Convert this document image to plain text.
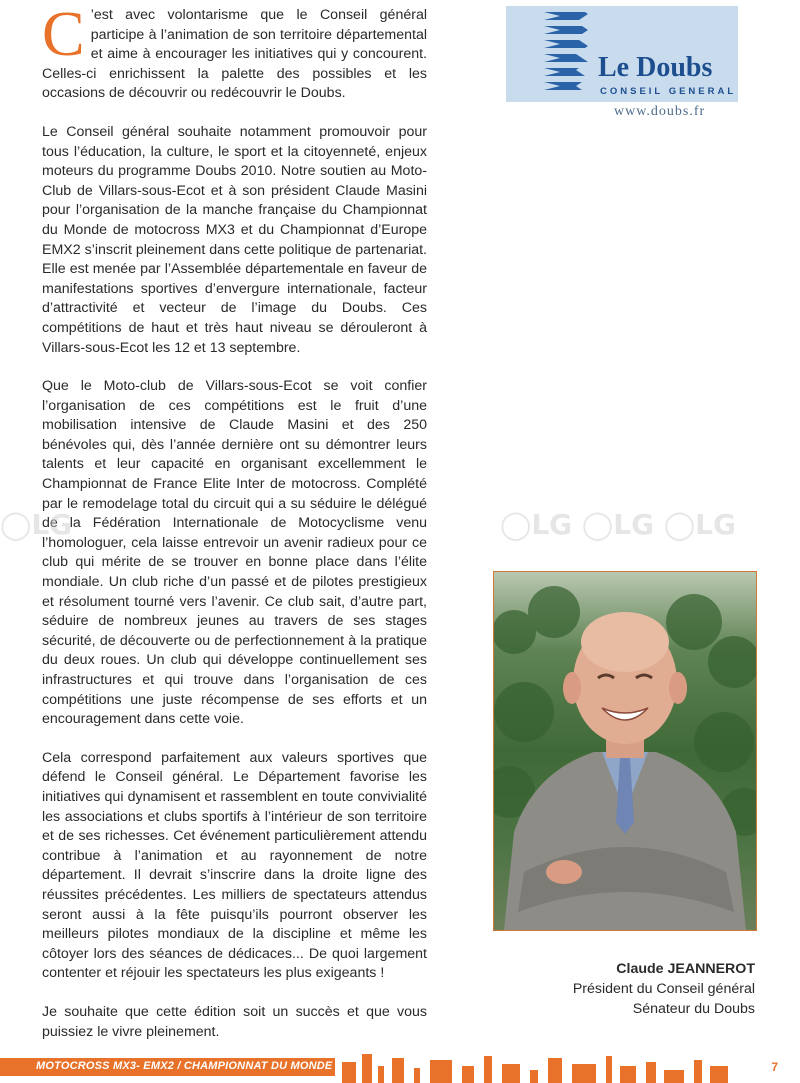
C ’est avec volontarisme que le Conseil général participe à l’animation de son territoire départemental et aime à encourager les initiatives qui y concourent. Celles-ci enrichissent la palette des possibles et les occasions de découvrir ou redécouvrir le Doubs.

Le Conseil général souhaite notamment promouvoir pour tous l’éducation, la culture, le sport et la citoyenneté, enjeux moteurs du programme Doubs 2010. Notre soutien au Moto-Club de Villars-sous-Ecot et à son président Claude Masini pour l’organisation de la manche française du Championnat du Monde de motocross MX3 et du Championnat d’Europe EMX2 s’inscrit pleinement dans cette politique de partenariat. Elle est menée par l’Assemblée départementale en faveur de manifestations sportives d’envergure internationale, facteur d’attractivité et vecteur de l’image du Doubs. Ces compétitions de haut et très haut niveau se dérouleront à Villars-sous-Ecot les 12 et 13 septembre.

Que le Moto-club de Villars-sous-Ecot se voit confier l’organisation de ces compétitions est le fruit d’une mobilisation intensive de Claude Masini et des 250 bénévoles qui, dès l’année dernière ont su démontrer leurs talents et leur capacité en organisant excellemment le Championnat de France Elite Inter de motocross. Complété par le remodelage total du circuit qui a su séduire le délégué de la Fédération Internationale de Motocyclisme venu l’homologuer, cela laisse entrevoir un avenir radieux pour ce club qui mérite de se trouver en bonne place dans l’élite mondiale. Un club riche d’un passé et de pilotes prestigieux et résolument tourné vers l’avenir. Ce club sait, d’autre part, séduire de nombreux jeunes au travers de ses stages sécurité, de découverte ou de perfectionnement à la pratique du deux roues. Un club qui développe continuellement ses infrastructures et qui trouve dans l’organisation de ces compétitions une juste récompense de ses efforts et un encouragement dans cette voie.

Cela correspond parfaitement aux valeurs sportives que défend le Conseil général. Le Département favorise les initiatives qui dynamisent et rassemblent en toute convivialité les associations et clubs sportifs à l’intérieur de son territoire et de ses richesses. Cet événement particulièrement attendu contribue à l’animation et au rayonnement de notre département. Il devrait s’inscrire dans la droite ligne des réussites précédentes. Les milliers de spectateurs attendus seront aussi à la fête puisqu’ils pourront observer les meilleurs pilotes mondiaux de la discipline et même les côtoyer lors des séances de dédicaces... De quoi largement contenter et réjouir les spectateurs les plus exigeants !

Je souhaite que cette édition soit un succès et que vous puissiez le vivre pleinement.

Le Doubs
CONSEIL GENERAL
www.doubs.fr
◯LG	◯LG ◯LG ◯LG
Claude JEANNEROT
Président du Conseil général
Sénateur du Doubs
MOTOCROSS MX3- EMX2 / CHAMPIONNAT DU MONDE	7
